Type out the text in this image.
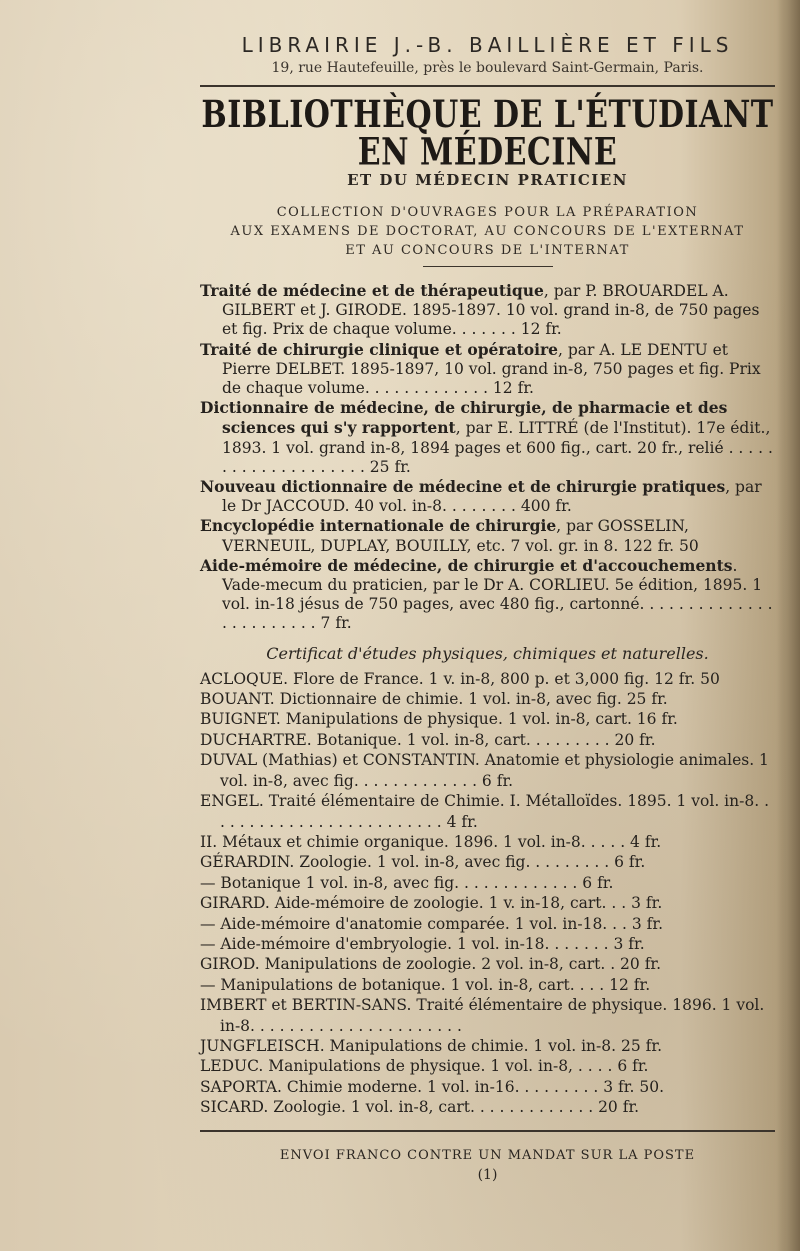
LIBRAIRIE J.-B. BAILLIÈRE ET FILS
19, rue Hautefeuille, près le boulevard Saint-Germain, Paris.
BIBLIOTHÈQUE DE L'ÉTUDIANT EN MÉDECINE
ET DU MÉDECIN PRATICIEN
COLLECTION D'OUVRAGES POUR LA PRÉPARATION
AUX EXAMENS DE DOCTORAT, AU CONCOURS DE L'EXTERNAT
ET AU CONCOURS DE L'INTERNAT
Traité de médecine et de thérapeutique, par P. BROUARDEL A. GILBERT et J. GIRODE. 1895-1897. 10 vol. grand in-8, de 750 pages et fig. Prix de chaque volume. . . . . . . 12 fr.
Traité de chirurgie clinique et opératoire, par A. LE DENTU et Pierre DELBET. 1895-1897, 10 vol. grand in-8, 750 pages et fig. Prix de chaque volume. . . . . . . . . . . . . 12 fr.
Dictionnaire de médecine, de chirurgie, de pharmacie et des sciences qui s'y rapportent, par E. LITTRÉ (de l'Institut). 17e édit., 1893. 1 vol. grand in-8, 1894 pages et 600 fig., cart. 20 fr., relié . . . . . . . . . . . . . . . . . . . . 25 fr.
Nouveau dictionnaire de médecine et de chirurgie pratiques, par le Dr JACCOUD. 40 vol. in-8. . . . . . . . 400 fr.
Encyclopédie internationale de chirurgie, par GOSSELIN, VERNEUIL, DUPLAY, BOUILLY, etc. 7 vol. gr. in 8. 122 fr. 50
Aide-mémoire de médecine, de chirurgie et d'accouchements. Vade-mecum du praticien, par le Dr A. CORLIEU. 5e édition, 1895. 1 vol. in-18 jésus de 750 pages, avec 480 fig., cartonné. . . . . . . . . . . . . . . . . . . . . . . . 7 fr.
Certificat d'études physiques, chimiques et naturelles.
ACLOQUE. Flore de France. 1 v. in-8, 800 p. et 3,000 fig. 12 fr. 50
BOUANT. Dictionnaire de chimie. 1 vol. in-8, avec fig. 25 fr.
BUIGNET. Manipulations de physique. 1 vol. in-8, cart. 16 fr.
DUCHARTRE. Botanique. 1 vol. in-8, cart. . . . . . . . . 20 fr.
DUVAL (Mathias) et CONSTANTIN. Anatomie et physiologie animales. 1 vol. in-8, avec fig. . . . . . . . . . . . . 6 fr.
ENGEL. Traité élémentaire de Chimie. I. Métalloïdes. 1895. 1 vol. in-8. . . . . . . . . . . . . . . . . . . . . . . . . 4 fr.
II. Métaux et chimie organique. 1896. 1 vol. in-8. . . . . 4 fr.
GÉRARDIN. Zoologie. 1 vol. in-8, avec fig. . . . . . . . . 6 fr.
— Botanique 1 vol. in-8, avec fig. . . . . . . . . . . . . 6 fr.
GIRARD. Aide-mémoire de zoologie. 1 v. in-18, cart. . . 3 fr.
— Aide-mémoire d'anatomie comparée. 1 vol. in-18. . . 3 fr.
— Aide-mémoire d'embryologie. 1 vol. in-18. . . . . . . 3 fr.
GIROD. Manipulations de zoologie. 2 vol. in-8, cart. . 20 fr.
— Manipulations de botanique. 1 vol. in-8, cart. . . . 12 fr.
IMBERT et BERTIN-SANS. Traité élémentaire de physique. 1896. 1 vol. in-8. . . . . . . . . . . . . . . . . . . . . .
JUNGFLEISCH. Manipulations de chimie. 1 vol. in-8. 25 fr.
LEDUC. Manipulations de physique. 1 vol. in-8, . . . . 6 fr.
SAPORTA. Chimie moderne. 1 vol. in-16. . . . . . . . . 3 fr. 50.
SICARD. Zoologie. 1 vol. in-8, cart. . . . . . . . . . . . . 20 fr.
ENVOI FRANCO CONTRE UN MANDAT SUR LA POSTE
(1)
